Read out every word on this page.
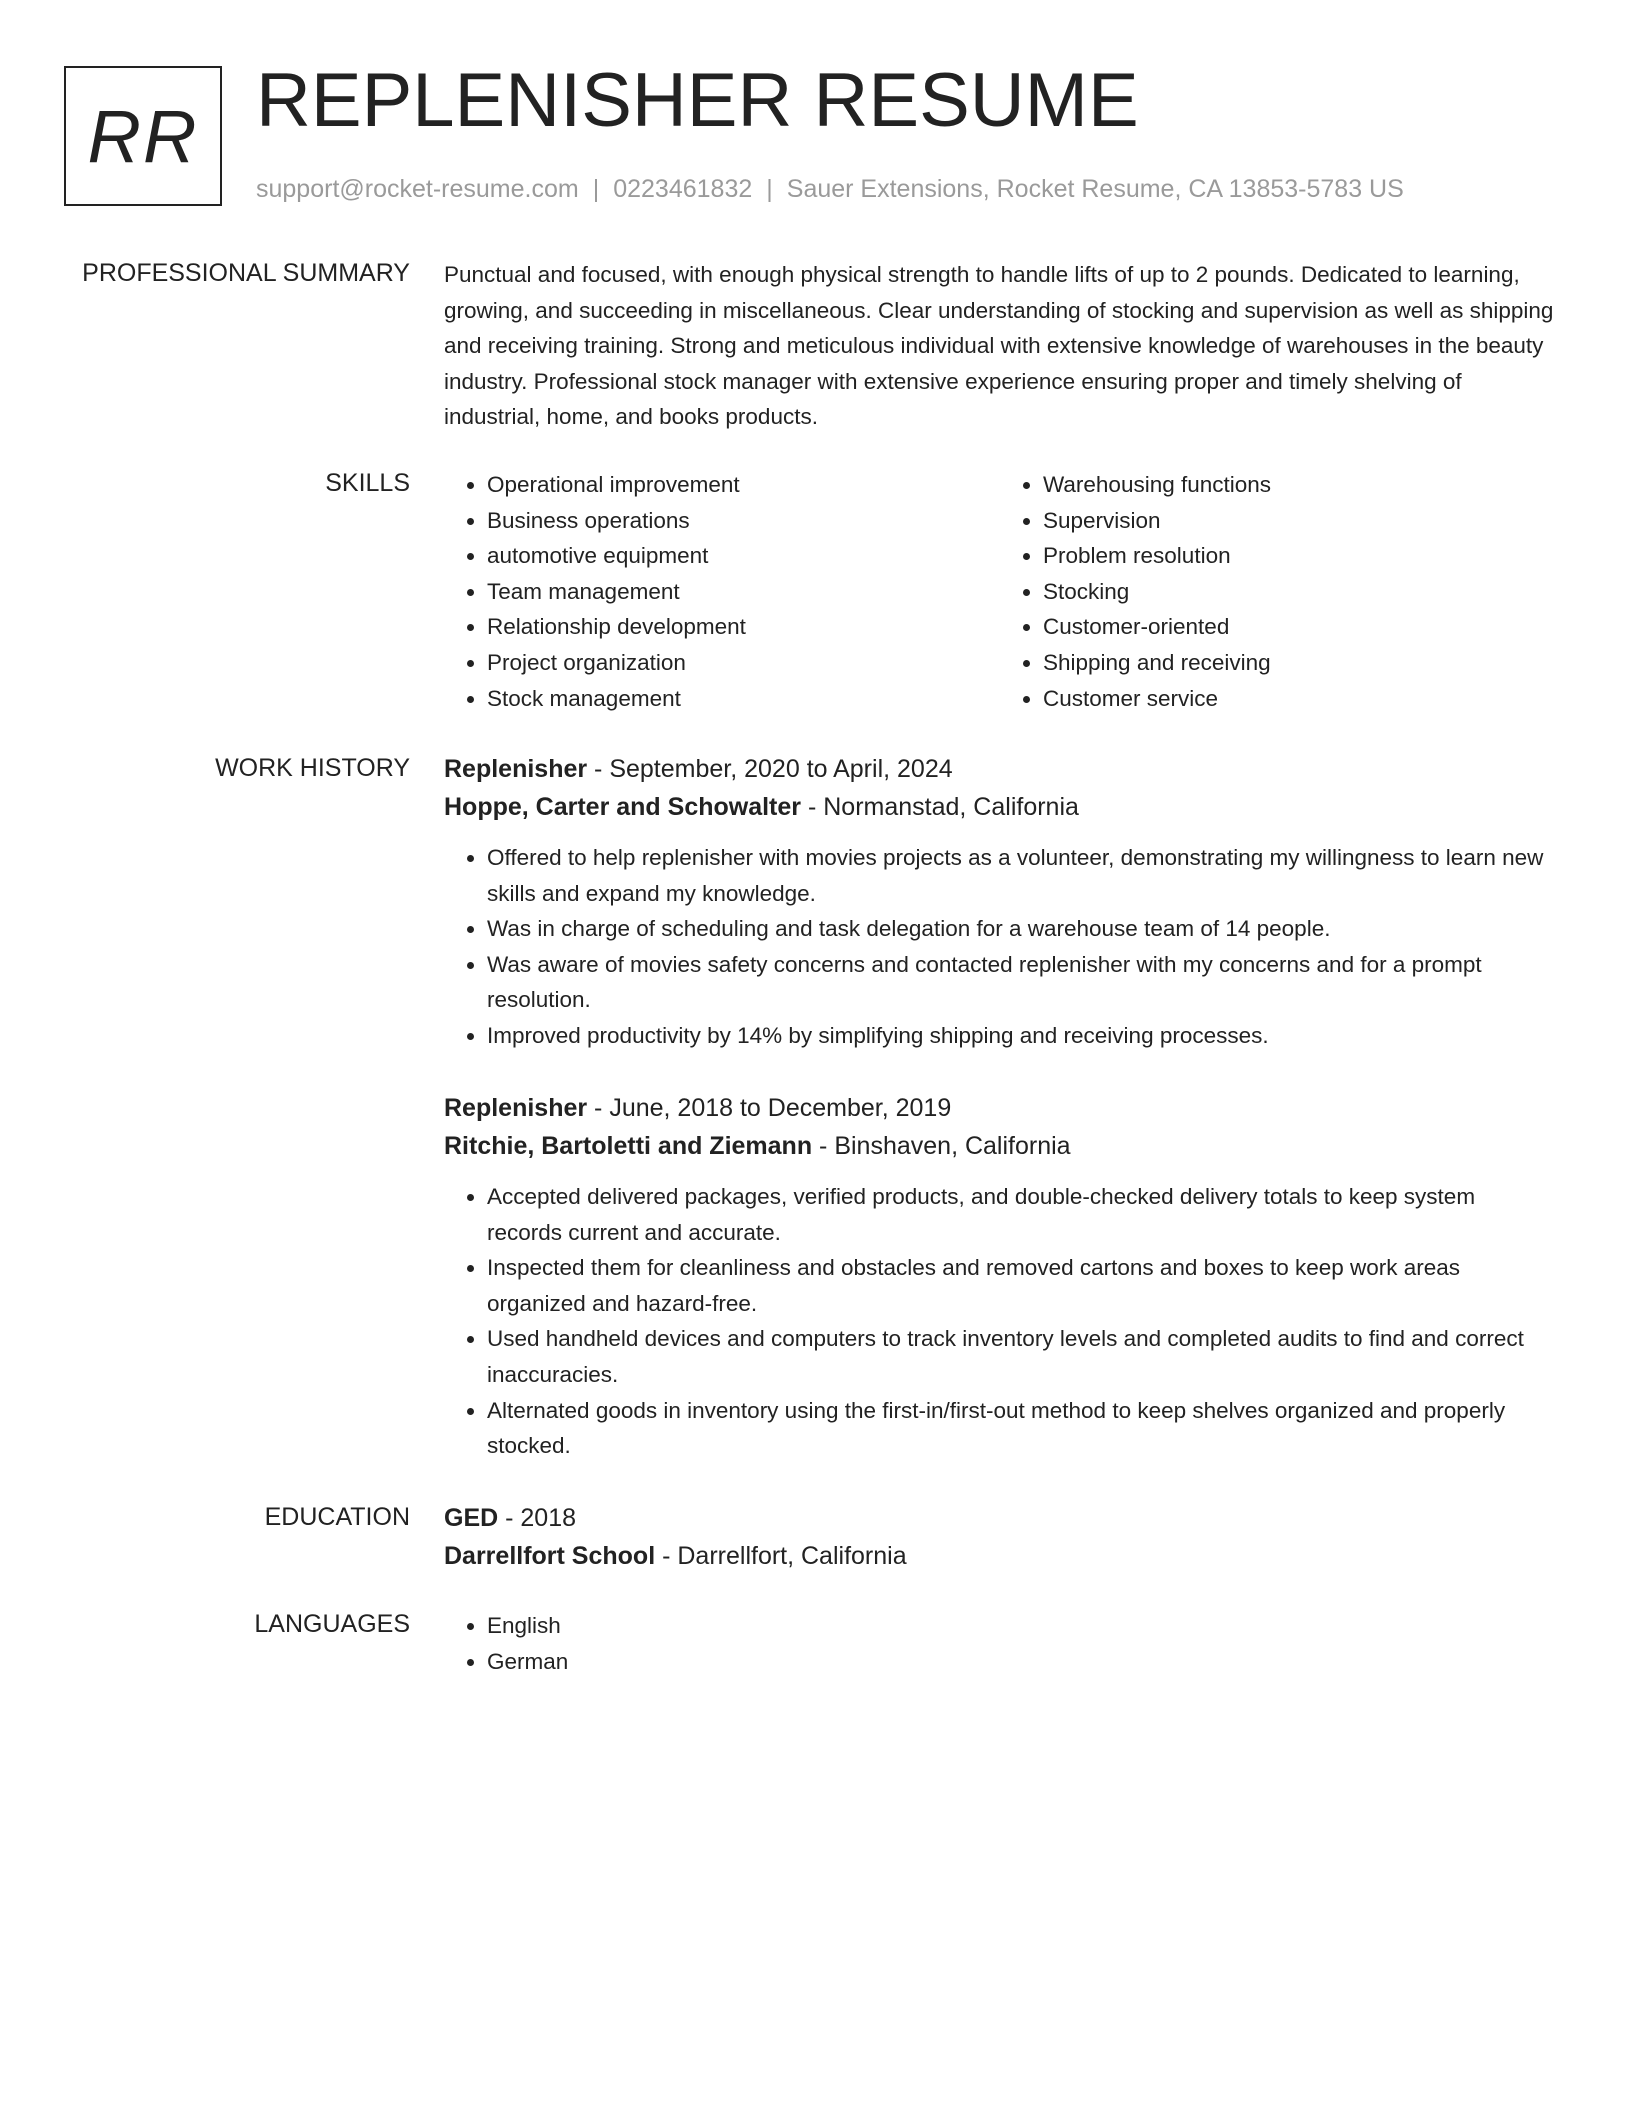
RR REPLENISHER RESUME
support@rocket-resume.com | 0223461832 | Sauer Extensions, Rocket Resume, CA 13853-5783 US
PROFESSIONAL SUMMARY Punctual and focused, with enough physical strength to handle lifts of up to 2 pounds. Dedicated to learning, growing, and succeeding in miscellaneous. Clear understanding of stocking and supervision as well as shipping and receiving training. Strong and meticulous individual with extensive knowledge of warehouses in the beauty industry. Professional stock manager with extensive experience ensuring proper and timely shelving of industrial, home, and books products.

SKILLS	• Operational improvement
• Business operations
• automotive equipment
• Team management
• Relationship development
• Project organization
• Stock management
• Warehousing functions
• Supervision
• Problem resolution
• Stocking
• Customer-oriented
• Shipping and receiving
• Customer service
WORK HISTORY Replenisher - September, 2020 to April, 2024
Hoppe, Carter and Schowalter - Normanstad, California
• Offered to help replenisher with movies projects as a volunteer, demonstrating my willingness to learn new skills and expand my knowledge.
• Was in charge of scheduling and task delegation for a warehouse team of 14 people.
• Was aware of movies safety concerns and contacted replenisher with my concerns and for a prompt resolution.
• Improved productivity by 14% by simplifying shipping and receiving processes.
Replenisher - June, 2018 to December, 2019
Ritchie, Bartoletti and Ziemann - Binshaven, California
• Accepted delivered packages, verified products, and double-checked delivery totals to keep system records current and accurate.
• Inspected them for cleanliness and obstacles and removed cartons and boxes to keep work areas organized and hazard-free.
• Used handheld devices and computers to track inventory levels and completed audits to find and correct inaccuracies.
• Alternated goods in inventory using the first-in/first-out method to keep shelves organized and properly stocked.
EDUCATION GED - 2018
Darrellfort School - Darrellfort, California
LANGUAGES	• English
• German
